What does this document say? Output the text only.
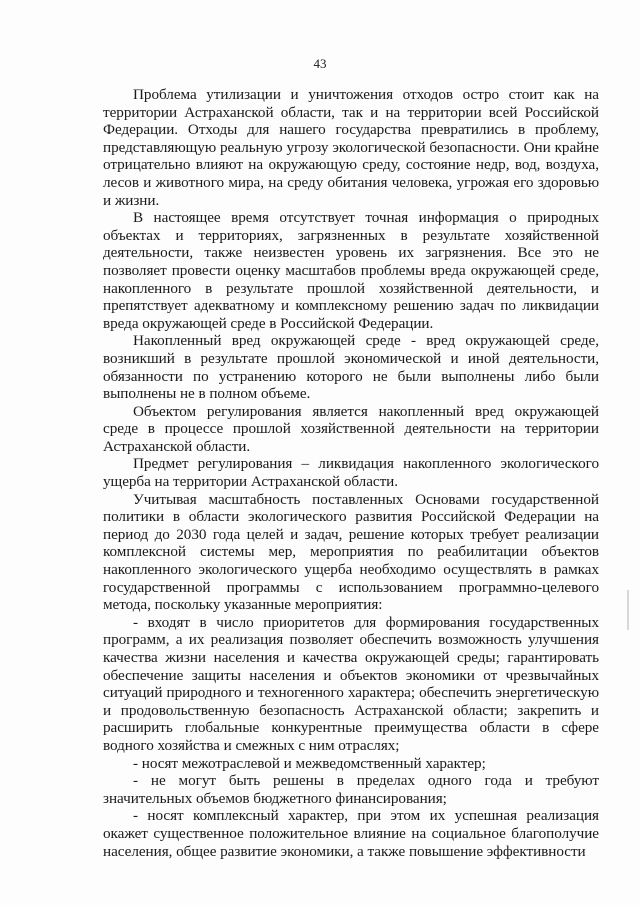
43

Проблема утилизации и уничтожения отходов остро стоит как на территории Астраханской области, так и на территории всей Российской Федерации. Отходы для нашего государства превратились в проблему, представляющую реальную угрозу экологической безопасности. Они крайне отрицательно влияют на окружающую среду, состояние недр, вод, воздуха, лесов и животного мира, на среду обитания человека, угрожая его здоровью и жизни.

В настоящее время отсутствует точная информация о природных объектах и территориях, загрязненных в результате хозяйственной деятельности, также неизвестен уровень их загрязнения. Все это не позволяет провести оценку масштабов проблемы вреда окружающей среде, накопленного в результате прошлой хозяйственной деятельности, и препятствует адекватному и комплексному решению задач по ликвидации вреда окружающей среде в Российской Федерации.

Накопленный вред окружающей среде - вред окружающей среде, возникший в результате прошлой экономической и иной деятельности, обязанности по устранению которого не были выполнены либо были выполнены не в полном объеме.

Объектом регулирования является накопленный вред окружающей среде в процессе прошлой хозяйственной деятельности на территории Астраханской области.

Предмет регулирования – ликвидация накопленного экологического ущерба на территории Астраханской области.

Учитывая масштабность поставленных Основами государственной политики в области экологического развития Российской Федерации на период до 2030 года целей и задач, решение которых требует реализации комплексной системы мер, мероприятия по реабилитации объектов накопленного экологического ущерба необходимо осуществлять в рамках государственной программы с использованием программно-целевого метода, поскольку указанные мероприятия:

- входят в число приоритетов для формирования государственных программ, а их реализация позволяет обеспечить возможность улучшения качества жизни населения и качества окружающей среды; гарантировать обеспечение защиты населения и объектов экономики от чрезвычайных ситуаций природного и техногенного характера; обеспечить энергетическую и продовольственную безопасность Астраханской области; закрепить и расширить глобальные конкурентные преимущества области в сфере водного хозяйства и смежных с ним отраслях;

- носят межотраслевой и межведомственный характер;

- не могут быть решены в пределах одного года и требуют значительных объемов бюджетного финансирования;

- носят комплексный характер, при этом их успешная реализация окажет существенное положительное влияние на социальное благополучие населения, общее развитие экономики, а также повышение эффективности
